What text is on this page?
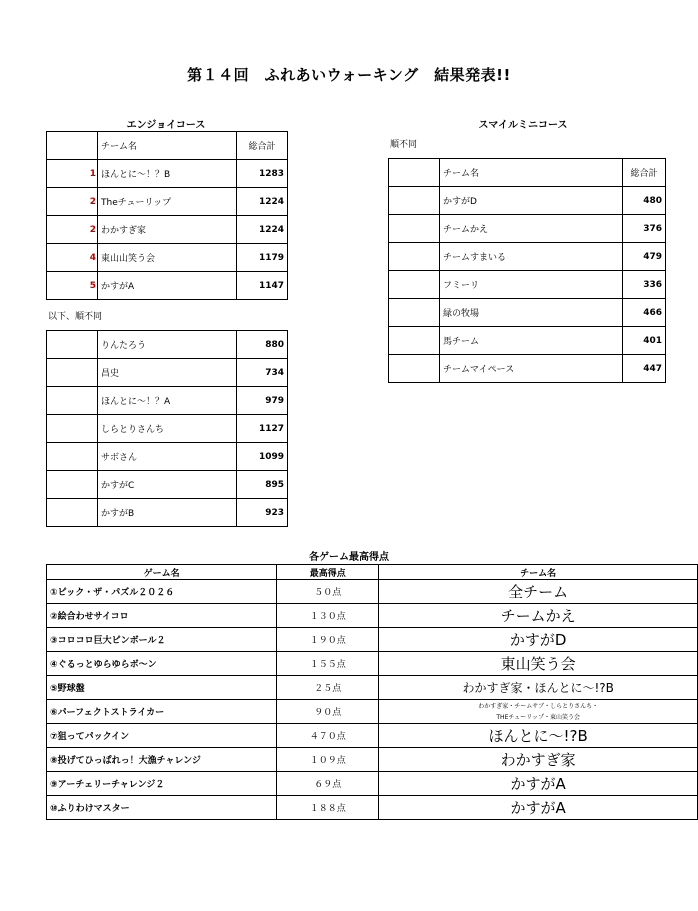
第１４回　ふれあいウォーキング　結果発表!!
エンジョイコース
	チーム名	総合計
1	ほんとに～！？B	1283
2	Theチューリップ	1224
2	わかすぎ家	1224
4	東山山笑う会	1179
5	かすがA	1147
以下、順不同
	りんたろう	880
	昌史	734
	ほんとに～！？A	979
	しらとりさんち	1127
	サボさん	1099
	かすがC	895
	かすがB	923
スマイルミニコース
順不同
	チーム名	総合計
	かすがD	480
	チームかえ	376
	チームすまいる	479
	フミーリ	336
	緑の牧場	466
	馬チーム	401
	チームマイペース	447
各ゲーム最高得点
ゲーム名	最高得点	チーム名
①ピック・ザ・パズル２０２６	５０点	全チーム

②絵合わせサイコロ	１３０点	チームかえ

③コロコロ巨大ピンボール２	１９０点	かすがD

④ぐるっとゆらゆらボ～ン	１５５点	東山笑う会

⑤野球盤	２５点	わかすぎ家・ほんとに～!?B

⑥パーフェクトストライカー	９０点	わかすぎ家・チームサブ・しらとりさんち・
THEチューリップ・東山笑う会

⑦狙ってパックイン	４７０点	ほんとに～!?B

⑧投げてひっぱれっ！大漁チャレンジ	１０９点	わかすぎ家

⑨アーチェリーチャレンジ２	６９点	かすがA

⑩ふりわけマスター	１８８点	かすがA
